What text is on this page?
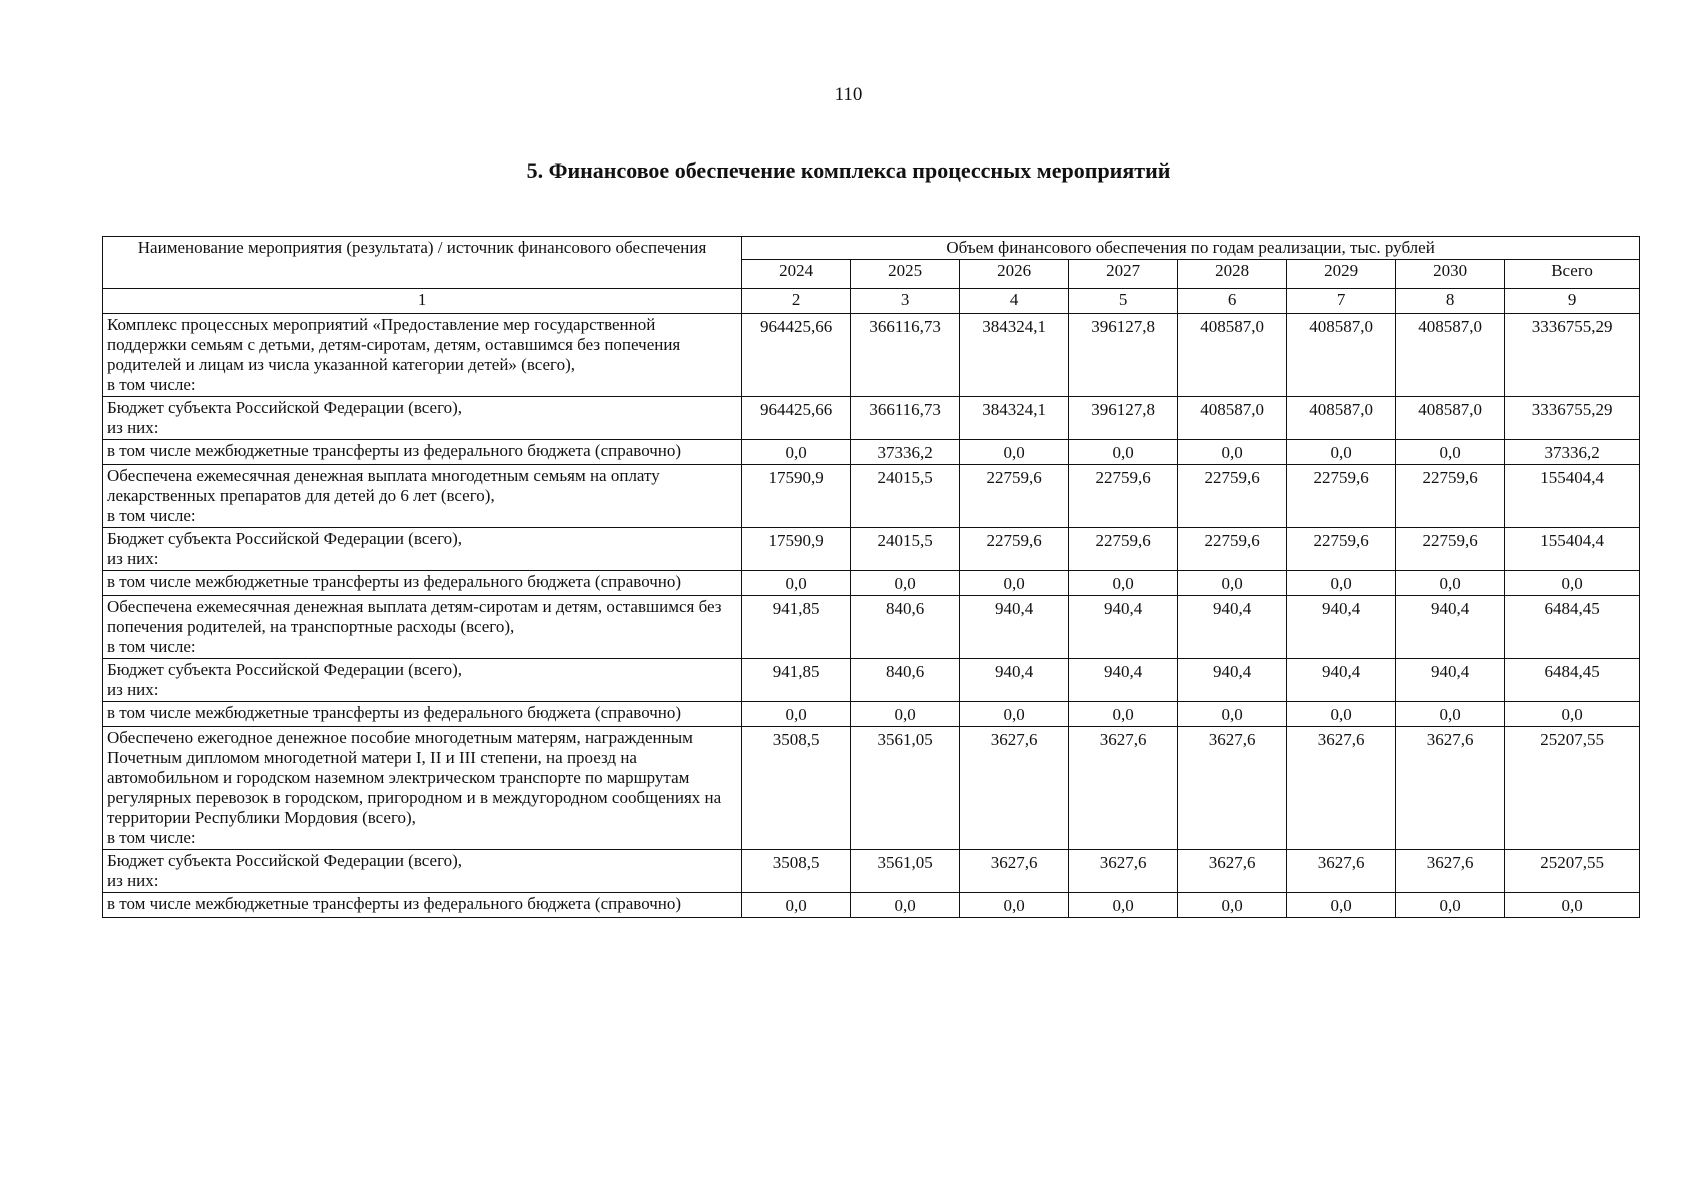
110
5. Финансовое обеспечение комплекса процессных мероприятий
Наименование мероприятия (результата) / источник финансового обеспечения	Объем финансового обеспечения по годам реализации, тыс. рублей							
	2024	2025	2026	2027	2028	2029	2030	Всего
1	2	3	4	5	6	7	8	9
Комплекс процессных мероприятий «Предоставление мер государственной поддержки семьям с детьми, детям-сиротам, детям, оставшимся без попечения родителей и лицам из числа указанной категории детей» (всего),
в том числе:	964425,66	366116,73	384324,1	396127,8	408587,0	408587,0	408587,0	3336755,29
Бюджет субъекта Российской Федерации (всего),
из них:	964425,66	366116,73	384324,1	396127,8	408587,0	408587,0	408587,0	3336755,29
в том числе межбюджетные трансферты из федерального бюджета (справочно)	0,0	37336,2	0,0	0,0	0,0	0,0	0,0	37336,2
Обеспечена ежемесячная денежная выплата многодетным семьям на оплату лекарственных препаратов для детей до 6 лет (всего),
в том числе:	17590,9	24015,5	22759,6	22759,6	22759,6	22759,6	22759,6	155404,4
Бюджет субъекта Российской Федерации (всего),
из них:	17590,9	24015,5	22759,6	22759,6	22759,6	22759,6	22759,6	155404,4
в том числе межбюджетные трансферты из федерального бюджета (справочно)	0,0	0,0	0,0	0,0	0,0	0,0	0,0	0,0
Обеспечена ежемесячная денежная выплата детям-сиротам и детям, оставшимся без попечения родителей, на транспортные расходы (всего),
в том числе:	941,85	840,6	940,4	940,4	940,4	940,4	940,4	6484,45
Бюджет субъекта Российской Федерации (всего),
из них:	941,85	840,6	940,4	940,4	940,4	940,4	940,4	6484,45
в том числе межбюджетные трансферты из федерального бюджета (справочно)	0,0	0,0	0,0	0,0	0,0	0,0	0,0	0,0
Обеспечено ежегодное денежное пособие многодетным матерям, награжденным Почетным дипломом многодетной матери I, II и III степени, на проезд на автомобильном и городском наземном электрическом транспорте по маршрутам регулярных перевозок в городском, пригородном и в междугородном сообщениях на территории Республики Мордовия (всего),
в том числе:	3508,5	3561,05	3627,6	3627,6	3627,6	3627,6	3627,6	25207,55
Бюджет субъекта Российской Федерации (всего),
из них:	3508,5	3561,05	3627,6	3627,6	3627,6	3627,6	3627,6	25207,55
в том числе межбюджетные трансферты из федерального бюджета (справочно)	0,0	0,0	0,0	0,0	0,0	0,0	0,0	0,0
